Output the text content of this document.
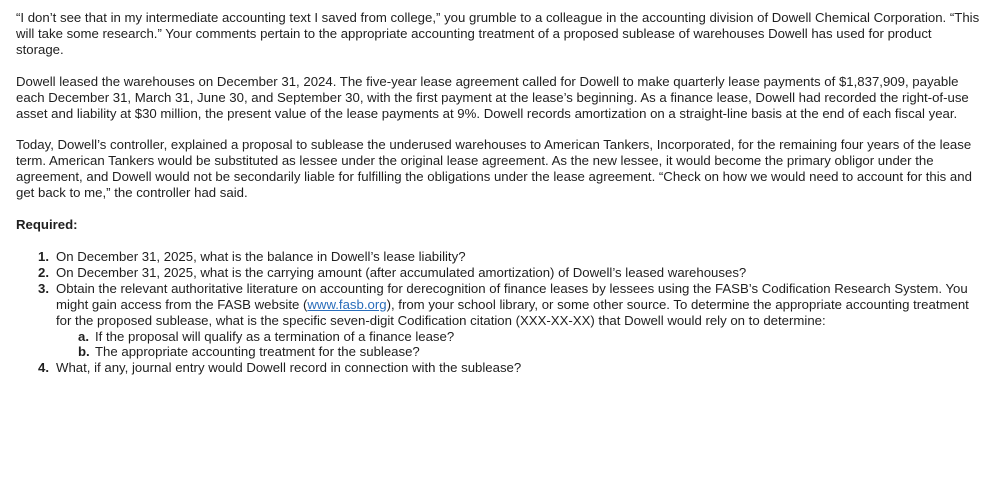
“I don’t see that in my intermediate accounting text I saved from college,” you grumble to a colleague in the accounting division of Dowell Chemical Corporation. “This will take some research.” Your comments pertain to the appropriate accounting treatment of a proposed sublease of warehouses Dowell has used for product storage.

Dowell leased the warehouses on December 31, 2024. The five-year lease agreement called for Dowell to make quarterly lease payments of $1,837,909, payable each December 31, March 31, June 30, and September 30, with the first payment at the lease’s beginning. As a finance lease, Dowell had recorded the right-of-use asset and liability at $30 million, the present value of the lease payments at 9%. Dowell records amortization on a straight-line basis at the end of each fiscal year.

Today, Dowell’s controller, explained a proposal to sublease the underused warehouses to American Tankers, Incorporated, for the remaining four years of the lease term. American Tankers would be substituted as lessee under the original lease agreement. As the new lessee, it would become the primary obligor under the agreement, and Dowell would not be secondarily liable for fulfilling the obligations under the lease agreement. “Check on how we would need to account for this and get back to me,” the controller had said.

Required:
1. On December 31, 2025, what is the balance in Dowell’s lease liability?
2. On December 31, 2025, what is the carrying amount (after accumulated amortization) of Dowell’s leased warehouses?
3. Obtain the relevant authoritative literature on accounting for derecognition of finance leases by lessees using the FASB’s Codification Research System. You might gain access from the FASB website (www.fasb.org), from your school library, or some other source. To determine the appropriate accounting treatment for the proposed sublease, what is the specific seven-digit Codification citation (XXX-XX-XX) that Dowell would rely on to determine:
a. If the proposal will qualify as a termination of a finance lease?
b. The appropriate accounting treatment for the sublease?
4. What, if any, journal entry would Dowell record in connection with the sublease?
